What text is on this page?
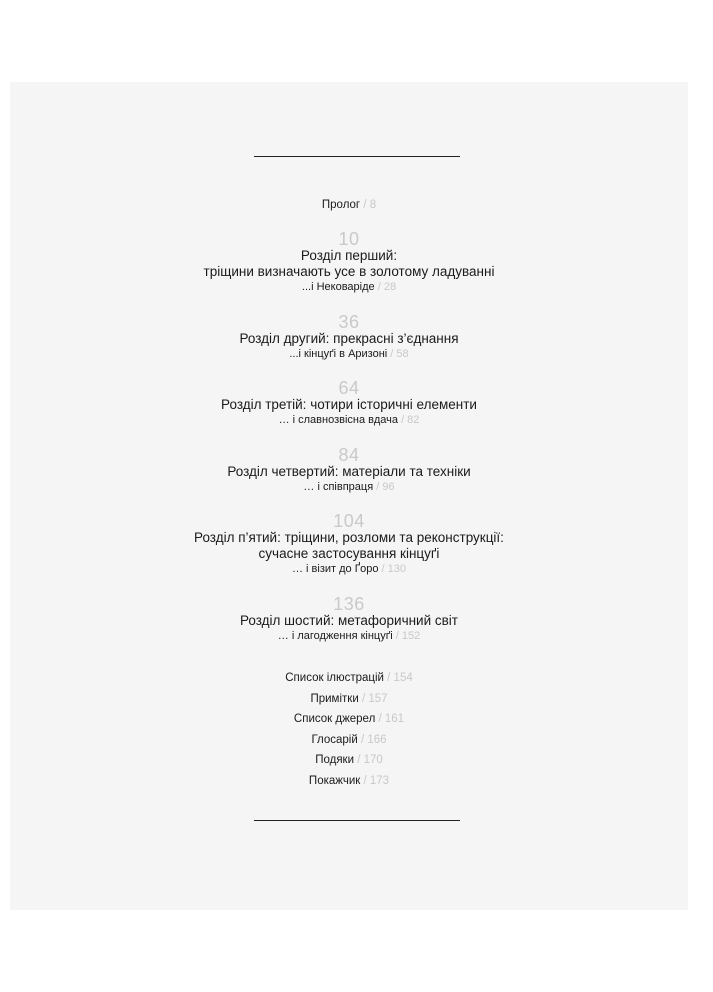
Пролог / 8
10
Розділ перший:
тріщини визначають усе в золотому ладуванні
...і Нековаріде / 28
36
Розділ другий: прекрасні з’єднання
...і кінцуґі в Аризоні / 58
64
Розділ третій: чотири історичні елементи
… і славнозвісна вдача / 82
84
Розділ четвертий: матеріали та техніки
… і співпраця / 96
104
Розділ п’ятий: тріщини, розломи та реконструкції:
сучасне застосування кінцуґі
… і візит до Ґоро / 130
136
Розділ шостий: метафоричний світ
… і лагодження кінцуґі / 152
Список ілюстрацій / 154
Примітки / 157
Список джерел / 161
Глосарій / 166
Подяки / 170
Покажчик / 173
